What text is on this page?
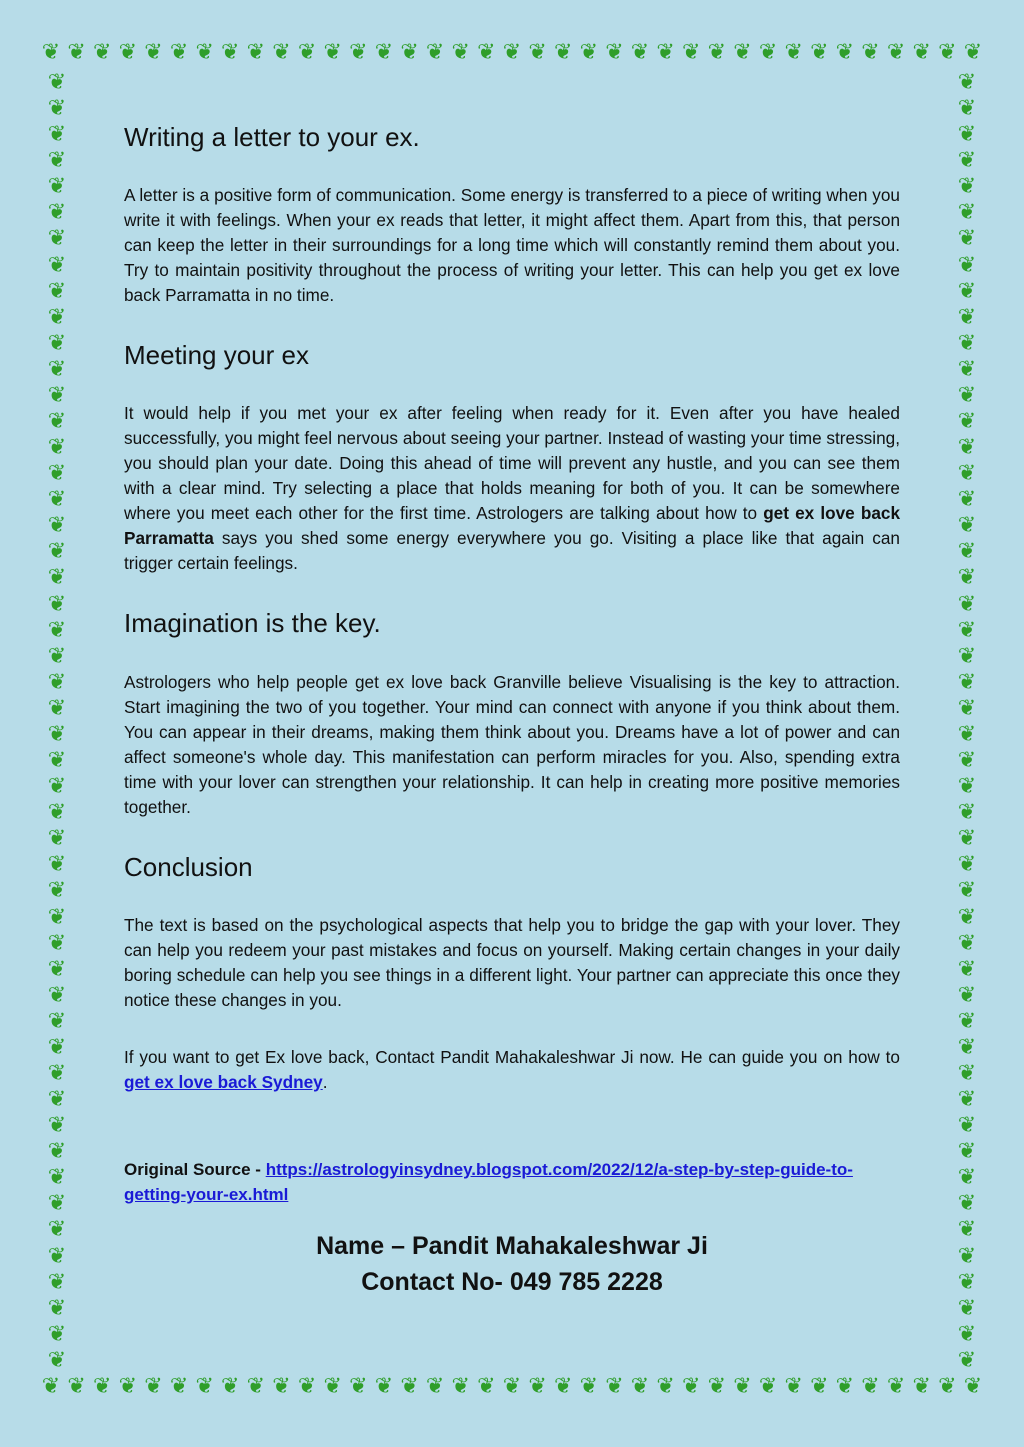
❦ ❦ ❦ ❦ ❦ ❦ ❦ ❦ ❦ ❦ ❦ ❦ ❦ ❦ ❦ ❦ ❦ ❦ ❦ ❦ ❦ ❦ ❦ ❦ ❦ ❦ ❦ ❦ ❦ ❦ ❦ ❦ ❦ ❦ ❦ ❦ ❦
❦ ❦ ❦ ❦ ❦ ❦ ❦ ❦ ❦ ❦ ❦ ❦ ❦ ❦ ❦ ❦ ❦ ❦ ❦ ❦ ❦ ❦ ❦ ❦ ❦ ❦ ❦ ❦ ❦ ❦ ❦ ❦ ❦ ❦ ❦ ❦ ❦
❦
❦
❦
❦
❦
❦
❦
❦
❦
❦
❦
❦
❦
❦
❦
❦
❦
❦
❦
❦
❦
❦
❦
❦
❦
❦
❦
❦
❦
❦
❦
❦
❦
❦
❦
❦
❦
❦
❦
❦
❦
❦
❦
❦
❦
❦
❦
❦
❦
❦
❦
❦
❦
❦
❦
❦
❦
❦
❦
❦
❦
❦
❦
❦
❦
❦
❦
❦
❦
❦
❦
❦
❦
❦
❦
❦
❦
❦
❦
❦
❦
❦
❦
❦
❦
❦
❦
❦
❦
❦
❦
❦
❦
❦
❦
❦
❦
❦
❦
❦
Writing a letter to your ex.

A letter is a positive form of communication. Some energy is transferred to a piece of writing when you write it with feelings. When your ex reads that letter, it might affect them. Apart from this, that person can keep the letter in their surroundings for a long time which will constantly remind them about you. Try to maintain positivity throughout the process of writing your letter. This can help you get ex love back Parramatta in no time.

Meeting your ex

It would help if you met your ex after feeling when ready for it. Even after you have healed successfully, you might feel nervous about seeing your partner. Instead of wasting your time stressing, you should plan your date. Doing this ahead of time will prevent any hustle, and you can see them with a clear mind. Try selecting a place that holds meaning for both of you. It can be somewhere where you meet each other for the first time. Astrologers are talking about how to get ex love back Parramatta says you shed some energy everywhere you go. Visiting a place like that again can trigger certain feelings.

Imagination is the key.

Astrologers who help people get ex love back Granville believe Visualising is the key to attraction. Start imagining the two of you together. Your mind can connect with anyone if you think about them. You can appear in their dreams, making them think about you. Dreams have a lot of power and can affect someone's whole day. This manifestation can perform miracles for you. Also, spending extra time with your lover can strengthen your relationship. It can help in creating more positive memories together.

Conclusion

The text is based on the psychological aspects that help you to bridge the gap with your lover. They can help you redeem your past mistakes and focus on yourself. Making certain changes in your daily boring schedule can help you see things in a different light. Your partner can appreciate this once they notice these changes in you.

If you want to get Ex love back, Contact Pandit Mahakaleshwar Ji now. He can guide you on how to get ex love back Sydney.

Original Source - https://astrologyinsydney.blogspot.com/2022/12/a-step-by-step-guide-to-getting-your-ex.html
Name – Pandit Mahakaleshwar Ji
Contact No- 049 785 2228
